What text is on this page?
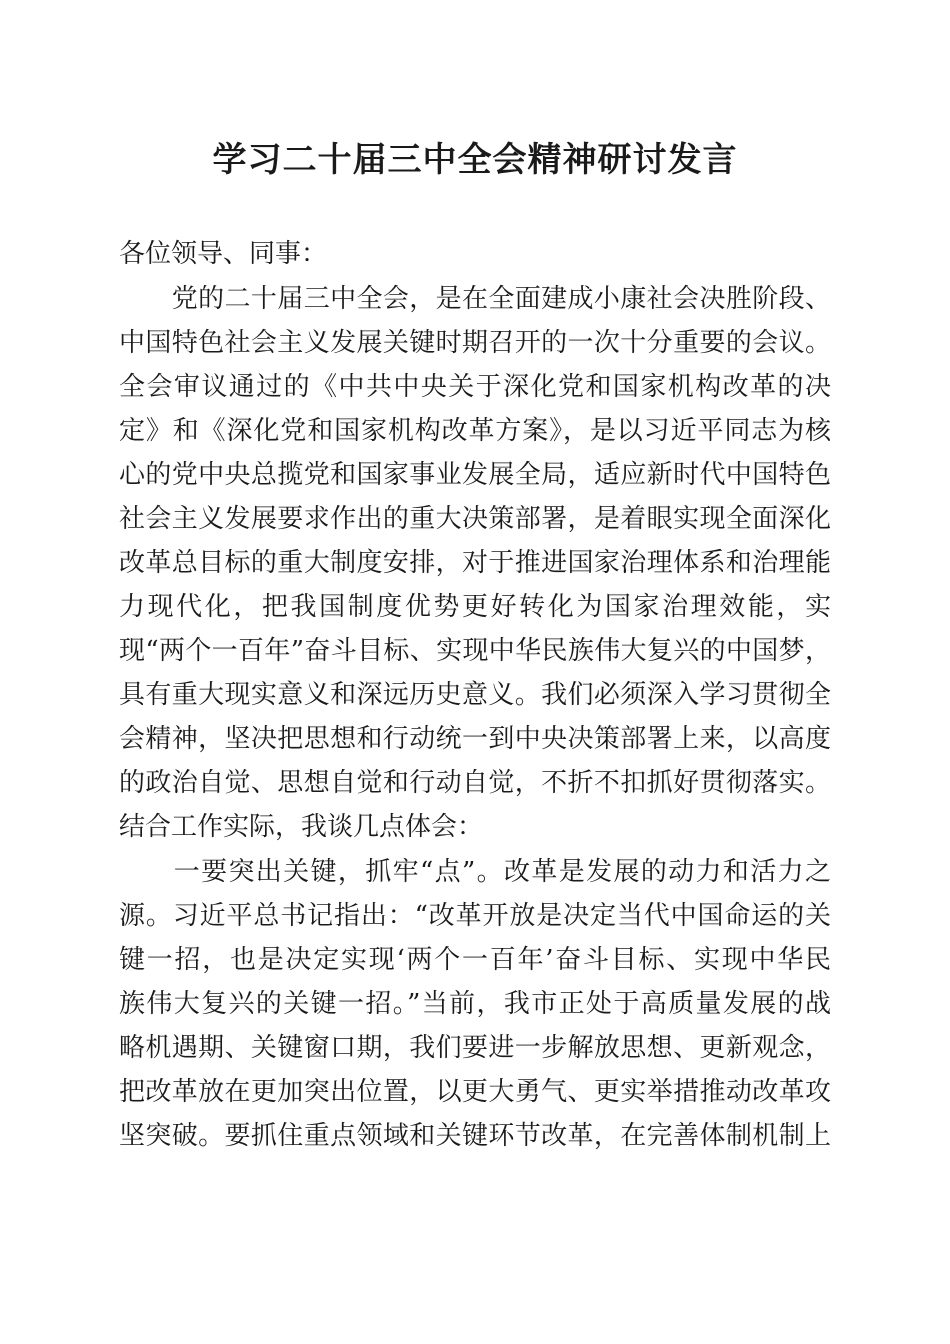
学习二十届三中全会精神研讨发言
各位领导、同事：
　　党的二十届三中全会，是在全面建成小康社会决胜阶段、
中国特色社会主义发展关键时期召开的一次十分重要的会议。
全会审议通过的《中共中央关于深化党和国家机构改革的决
定》和《深化党和国家机构改革方案》，是以习近平同志为核
心的党中央总揽党和国家事业发展全局，适应新时代中国特色
社会主义发展要求作出的重大决策部署，是着眼实现全面深化
改革总目标的重大制度安排，对于推进国家治理体系和治理能
力现代化，把我国制度优势更好转化为国家治理效能，实
现“两个一百年”奋斗目标、实现中华民族伟大复兴的中国梦，
具有重大现实意义和深远历史意义。我们必须深入学习贯彻全
会精神，坚决把思想和行动统一到中央决策部署上来，以高度
的政治自觉、思想自觉和行动自觉，不折不扣抓好贯彻落实。
结合工作实际，我谈几点体会：
　　一要突出关键，抓牢“点”。改革是发展的动力和活力之
源。习近平总书记指出：“改革开放是决定当代中国命运的关
键一招，也是决定实现‘两个一百年’奋斗目标、实现中华民
族伟大复兴的关键一招。”当前，我市正处于高质量发展的战
略机遇期、关键窗口期，我们要进一步解放思想、更新观念，
把改革放在更加突出位置，以更大勇气、更实举措推动改革攻
坚突破。要抓住重点领域和关键环节改革，在完善体制机制上
